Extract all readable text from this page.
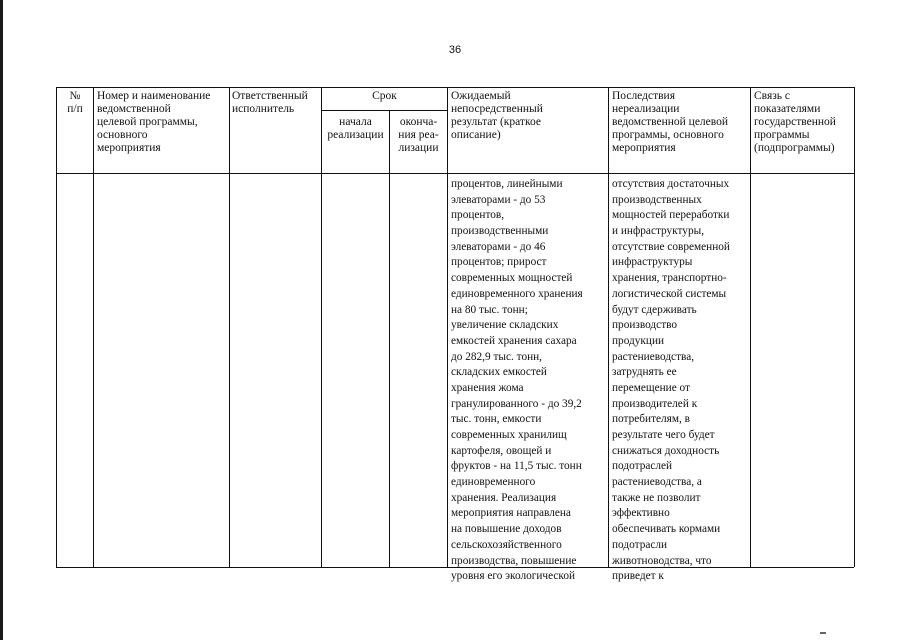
36
№
п/п
Номер и наименование
ведомственной
целевой программы,
основного
мероприятия
Ответственный
исполнитель
Срок
начала
реализации
оконча-
ния реа-
лизации
Ожидаемый
непосредственный
результат (краткое
описание)
Последствия
нереализации
ведомственной целевой
программы, основного
мероприятия
Связь с
показателями
государственной
программы
(подпрограммы)
процентов, линейными
элеваторами - до 53
процентов,
производственными
элеваторами - до 46
процентов; прирост
современных мощностей
единовременного хранения
на 80 тыс. тонн;
увеличение складских
емкостей хранения сахара
до 282,9 тыс. тонн,
складских емкостей
хранения жома
гранулированного - до 39,2
тыс. тонн, емкости
современных хранилищ
картофеля, овощей и
фруктов - на 11,5 тыс. тонн
единовременного
хранения. Реализация
мероприятия направлена
на повышение доходов
сельскохозяйственного
производства, повышение
уровня его экологической
отсутствия достаточных
производственных
мощностей переработки
и инфраструктуры,
отсутствие современной
инфраструктуры
хранения, транспортно-
логистической системы
будут сдерживать
производство
продукции
растениеводства,
затруднять ее
перемещение от
производителей к
потребителям, в
результате чего будет
снижаться доходность
подотраслей
растениеводства, а
также не позволит
эффективно
обеспечивать кормами
подотрасли
животноводства, что
приведет к
